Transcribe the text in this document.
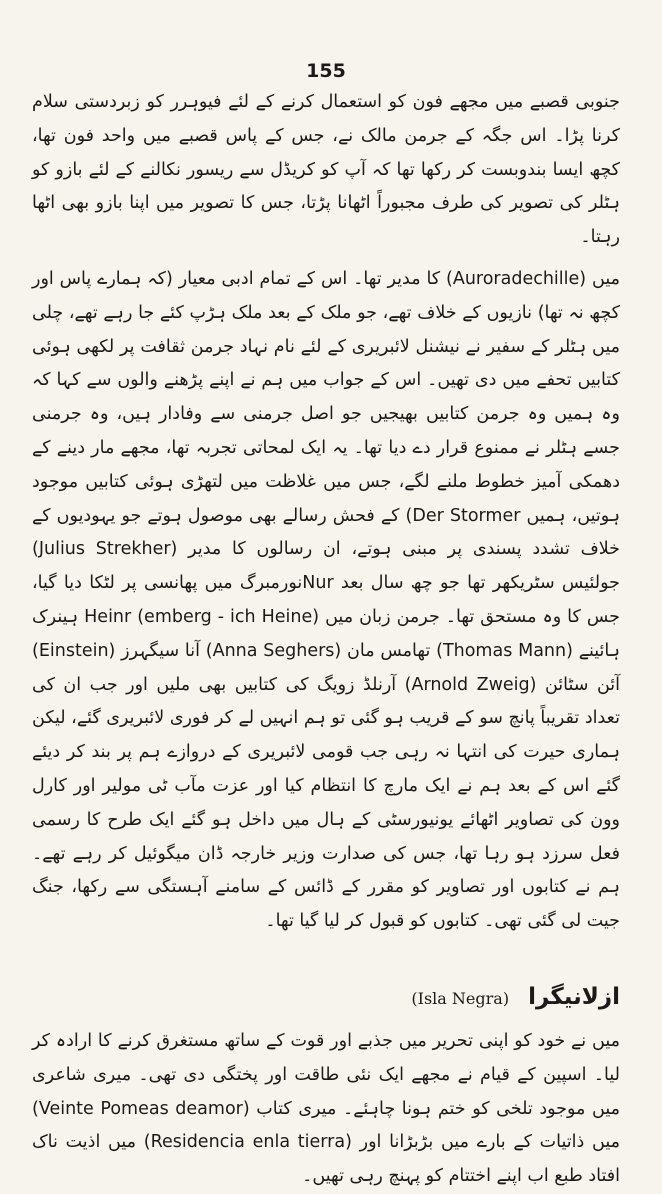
155

جنوبی قصبے میں مجھے فون کو استعمال کرنے کے لئے فیوہرر کو زبردستی سلام کرنا پڑا۔ اس جگہ کے جرمن مالک نے، جس کے پاس قصبے میں واحد فون تھا، کچھ ایسا بندوبست کر رکھا تھا کہ آپ کو کریڈل سے ریسور نکالنے کے لئے بازو کو ہٹلر کی تصویر کی طرف مجبوراً اٹھانا پڑتا، جس کا تصویر میں اپنا بازو بھی اٹھا رہتا۔

میں (Auroradechille) کا مدیر تھا۔ اس کے تمام ادبی معیار (کہ ہمارے پاس اور کچھ نہ تھا) نازیوں کے خلاف تھے، جو ملک کے بعد ملک ہڑپ کئے جا رہے تھے، چلی میں ہٹلر کے سفیر نے نیشنل لائبریری کے لئے نام نہاد جرمن ثقافت پر لکھی ہوئی کتابیں تحفے میں دی تھیں۔ اس کے جواب میں ہم نے اپنے پڑھنے والوں سے کہا کہ وہ ہمیں وہ جرمن کتابیں بھیجیں جو اصل جرمنی سے وفادار ہیں، وہ جرمنی جسے ہٹلر نے ممنوع قرار دے دیا تھا۔ یہ ایک لمحاتی تجربہ تھا، مجھے مار دینے کے دھمکی آمیز خطوط ملنے لگے، جس میں غلاظت میں لتھڑی ہوئی کتابیں موجود ہوتیں، ہمیں Der Stormer) کے فحش رسالے بھی موصول ہوتے جو یہودیوں کے خلاف تشدد پسندی پر مبنی ہوتے، ان رسالوں کا مدیر (Julius Strekher) جولئیس سٹریکھر تھا جو چھ سال بعد Nurنورمبرگ میں پھانسی پر لٹکا دیا گیا، جس کا وہ مستحق تھا۔ جرمن زبان میں Heinr (emberg - ich Heine) ہینرک ہائینے (Thomas Mann) تھامس مان (Anna Seghers) آنا سیگہرز (Einstein) آئن سٹائن (Arnold Zweig) آرنلڈ زویگ کی کتابیں بھی ملیں اور جب ان کی تعداد تقریباً پانچ سو کے قریب ہو گئی تو ہم انہیں لے کر فوری لائبریری گئے، لیکن ہماری حیرت کی انتہا نہ رہی جب قومی لائبریری کے دروازے ہم پر بند کر دیئے گئے اس کے بعد ہم نے ایک مارچ کا انتظام کیا اور عزت مآب ٹی مولیر اور کارل وون کی تصاویر اٹھائے یونیورسٹی کے ہال میں داخل ہو گئے ایک طرح کا رسمی فعل سرزد ہو رہا تھا، جس کی صدارت وزیر خارجہ ڈان میگوئیل کر رہے تھے۔ ہم نے کتابوں اور تصاویر کو مقرر کے ڈائس کے سامنے آہستگی سے رکھا، جنگ جیت لی گئی تھی۔ کتابوں کو قبول کر لیا گیا تھا۔

ازلانیگرا (Isla Negra)

میں نے خود کو اپنی تحریر میں جذبے اور قوت کے ساتھ مستغرق کرنے کا ارادہ کر لیا۔ اسپین کے قیام نے مجھے ایک نئی طاقت اور پختگی دی تھی۔ میری شاعری میں موجود تلخی کو ختم ہونا چاہئے۔ میری کتاب (Veinte Pomeas deamor) میں ذاتیات کے بارے میں بڑبڑانا اور (Residencia enla tierra) میں اذیت ناک افتاد طبع اب اپنے اختتام کو پہنچ رہی تھیں۔
